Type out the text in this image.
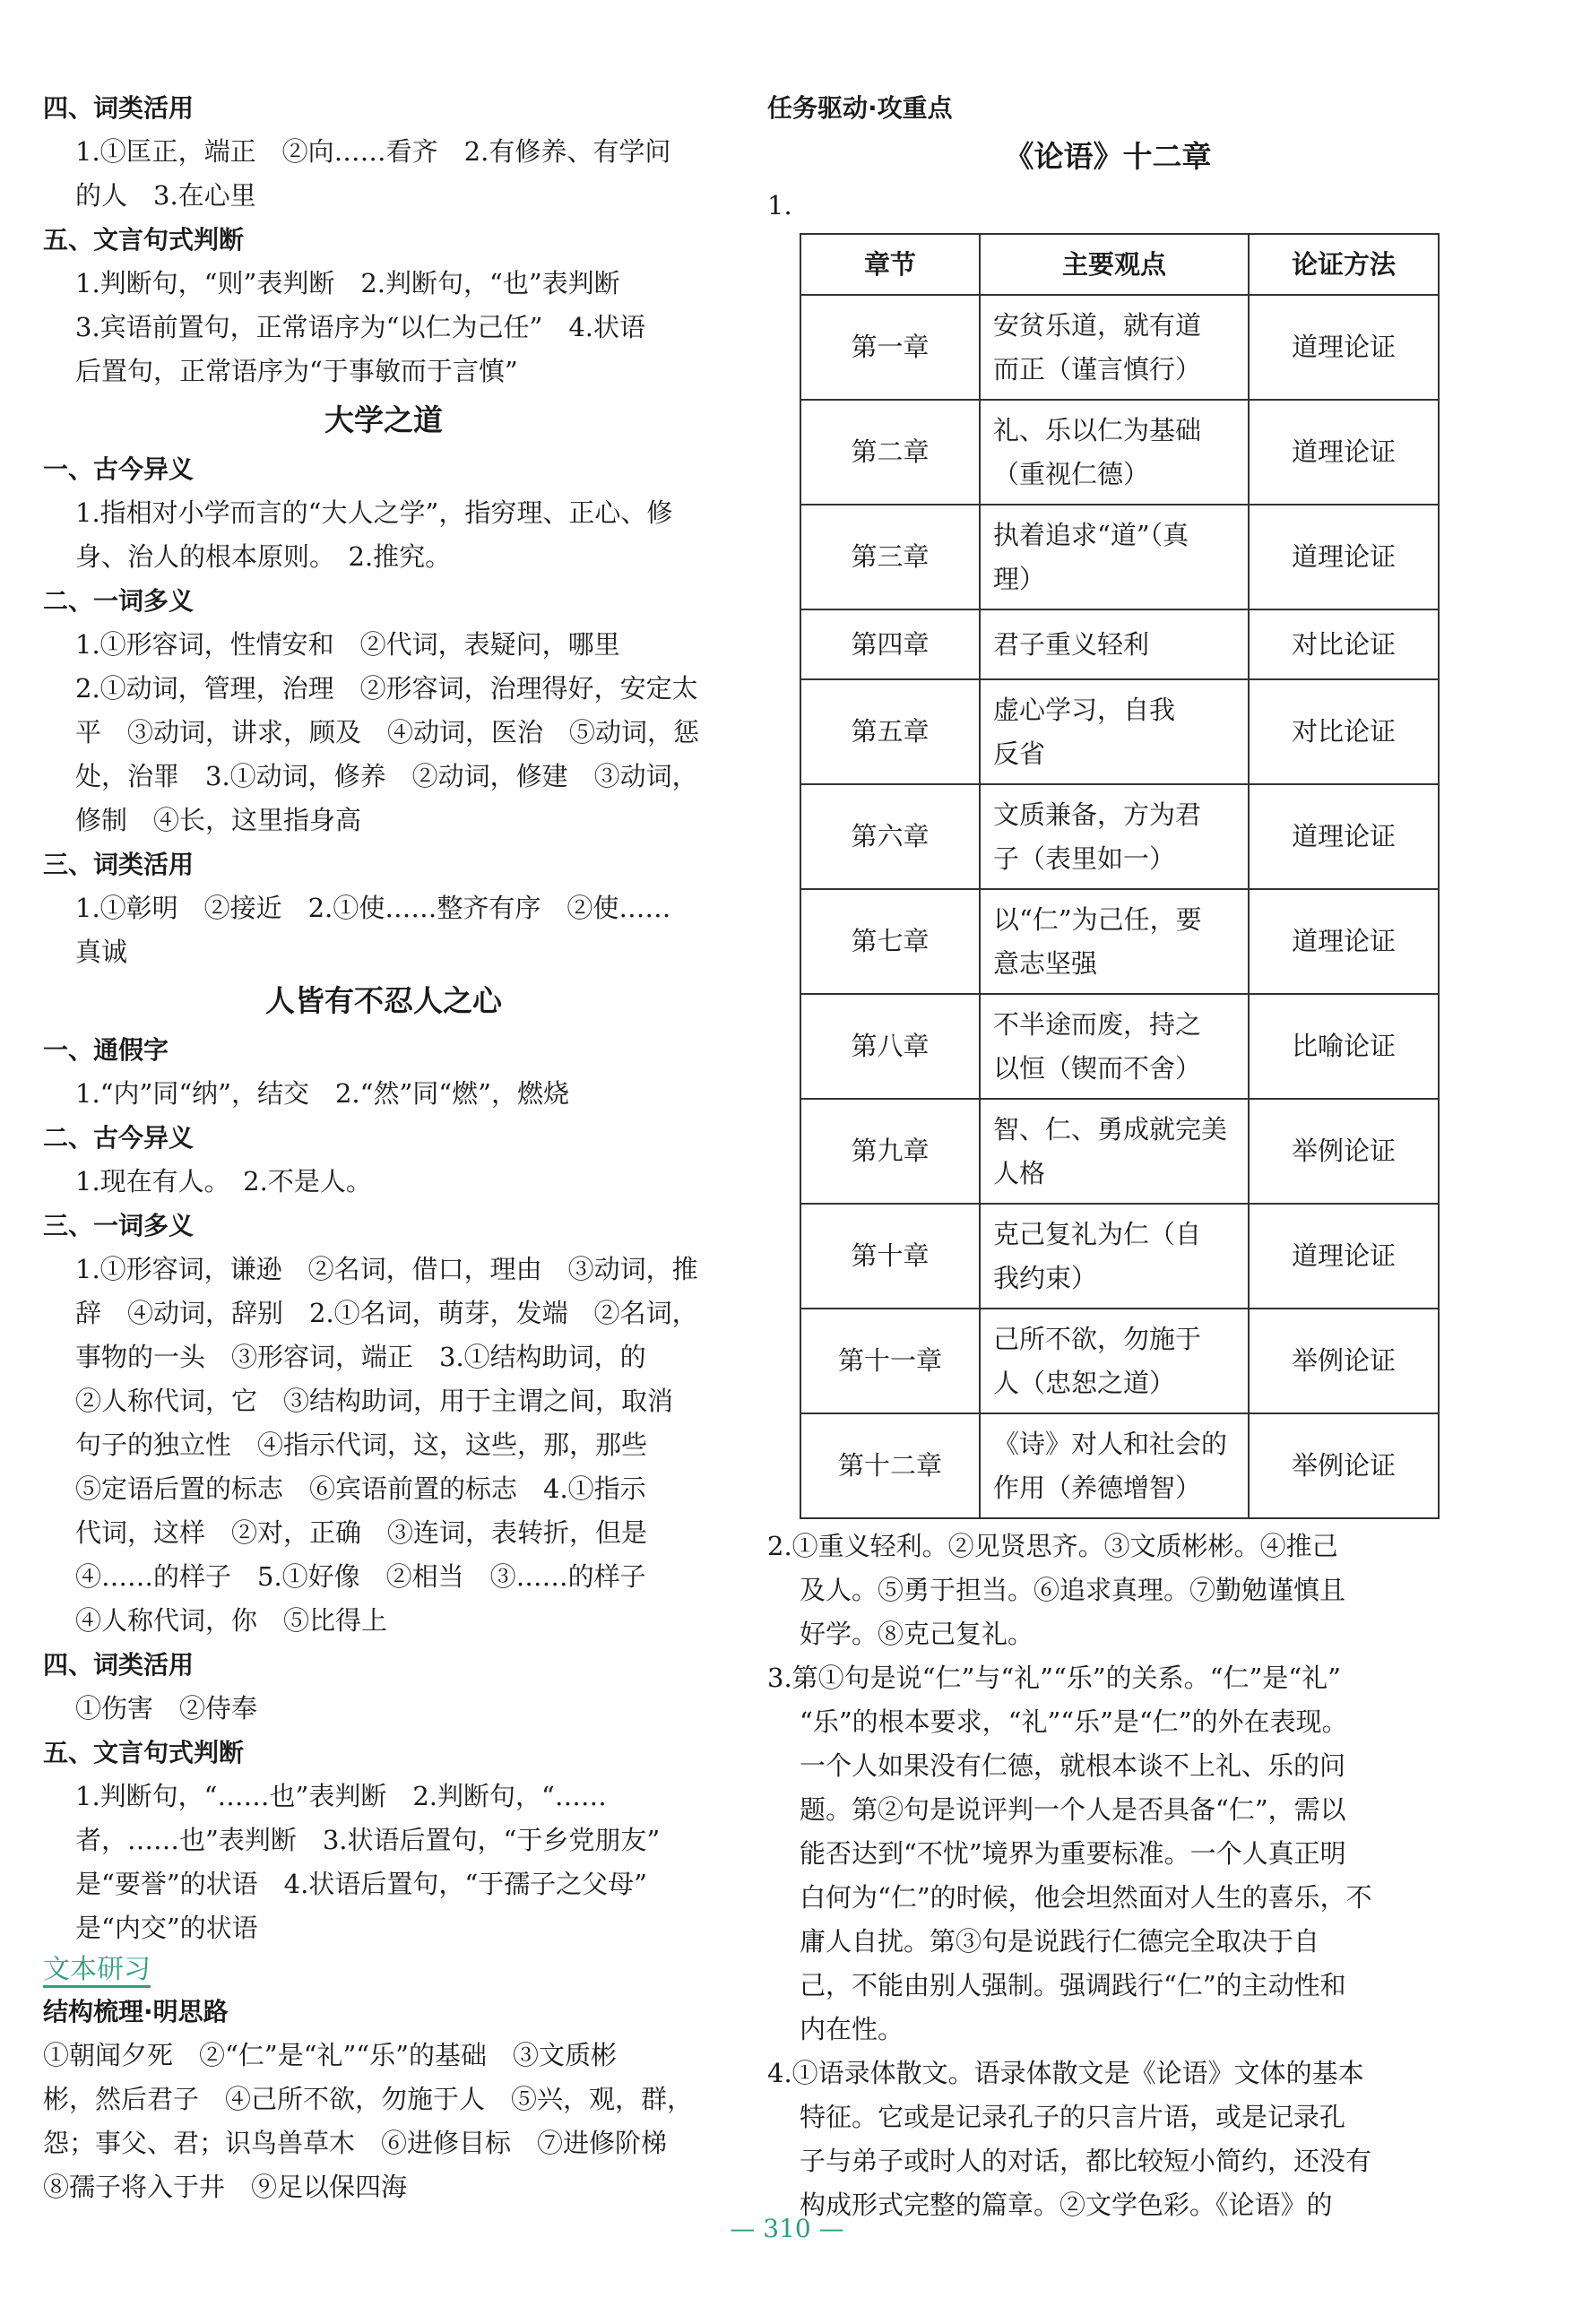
四、词类活用
1.①匡正，端正　②向……看齐　2.有修养、有学问
的人　3.在心里
五、文言句式判断
1.判断句，“则”表判断　2.判断句，“也”表判断
3.宾语前置句，正常语序为“以仁为己任”　4.状语
后置句，正常语序为“于事敏而于言慎”
大学之道
一、古今异义
1.指相对小学而言的“大人之学”，指穷理、正心、修
身、治人的根本原则。　2.推究。
二、一词多义
1.①形容词，性情安和　②代词，表疑问，哪里
2.①动词，管理，治理　②形容词，治理得好，安定太
平　③动词，讲求，顾及　④动词，医治　⑤动词，惩
处，治罪　3.①动词，修养　②动词，修建　③动词，
修制　④长，这里指身高
三、词类活用
1.①彰明　②接近　2.①使……整齐有序　②使……
真诚
人皆有不忍人之心
一、通假字
1.“内”同“纳”，结交　2.“然”同“燃”，燃烧
二、古今异义
1.现在有人。　2.不是人。
三、一词多义
1.①形容词，谦逊　②名词，借口，理由　③动词，推
辞　④动词，辞别　2.①名词，萌芽，发端　②名词，
事物的一头　③形容词，端正　3.①结构助词，的
②人称代词，它　③结构助词，用于主谓之间，取消
句子的独立性　④指示代词，这，这些，那，那些
⑤定语后置的标志　⑥宾语前置的标志　4.①指示
代词，这样　②对，正确　③连词，表转折，但是
④……的样子　5.①好像　②相当　③……的样子
④人称代词，你　⑤比得上
四、词类活用
①伤害　②侍奉
五、文言句式判断
1.判断句，“……也”表判断　2.判断句，“……
者，……也”表判断　3.状语后置句，“于乡党朋友”
是“要誉”的状语　4.状语后置句，“于孺子之父母”
是“内交”的状语
文本研习
结构梳理·明思路
①朝闻夕死　②“仁”是“礼”“乐”的基础　③文质彬
彬，然后君子　④己所不欲，勿施于人　⑤兴，观，群，
怨；事父、君；识鸟兽草木　⑥进修目标　⑦进修阶梯
⑧孺子将入于井　⑨足以保四海
任务驱动·攻重点
《论语》十二章
1.
章节	主要观点	论证方法
第一章	安贫乐道，就有道
而正（谨言慎行）	道理论证
第二章	礼、乐以仁为基础
（重视仁德）	道理论证
第三章	执着追求“道”（真
理）	道理论证
第四章	君子重义轻利	对比论证
第五章	虚心学习，自我
反省	对比论证
第六章	文质兼备，方为君
子（表里如一）	道理论证
第七章	以“仁”为己任，要
意志坚强	道理论证
第八章	不半途而废，持之
以恒（锲而不舍）	比喻论证
第九章	智、仁、勇成就完美
人格	举例论证
第十章	克己复礼为仁（自
我约束）	道理论证
第十一章	己所不欲，勿施于
人（忠恕之道）	举例论证
第十二章	《诗》对人和社会的
作用（养德增智）	举例论证
2.①重义轻利。②见贤思齐。③文质彬彬。④推己
及人。⑤勇于担当。⑥追求真理。⑦勤勉谨慎且
好学。⑧克己复礼。
3.第①句是说“仁”与“礼”“乐”的关系。“仁”是“礼”
“乐”的根本要求，“礼”“乐”是“仁”的外在表现。
一个人如果没有仁德，就根本谈不上礼、乐的问
题。第②句是说评判一个人是否具备“仁”，需以
能否达到“不忧”境界为重要标准。一个人真正明
白何为“仁”的时候，他会坦然面对人生的喜乐，不
庸人自扰。第③句是说践行仁德完全取决于自
己，不能由别人强制。强调践行“仁”的主动性和
内在性。
4.①语录体散文。语录体散文是《论语》文体的基本
特征。它或是记录孔子的只言片语，或是记录孔
子与弟子或时人的对话，都比较短小简约，还没有
构成形式完整的篇章。②文学色彩。《论语》的
— 310 —
